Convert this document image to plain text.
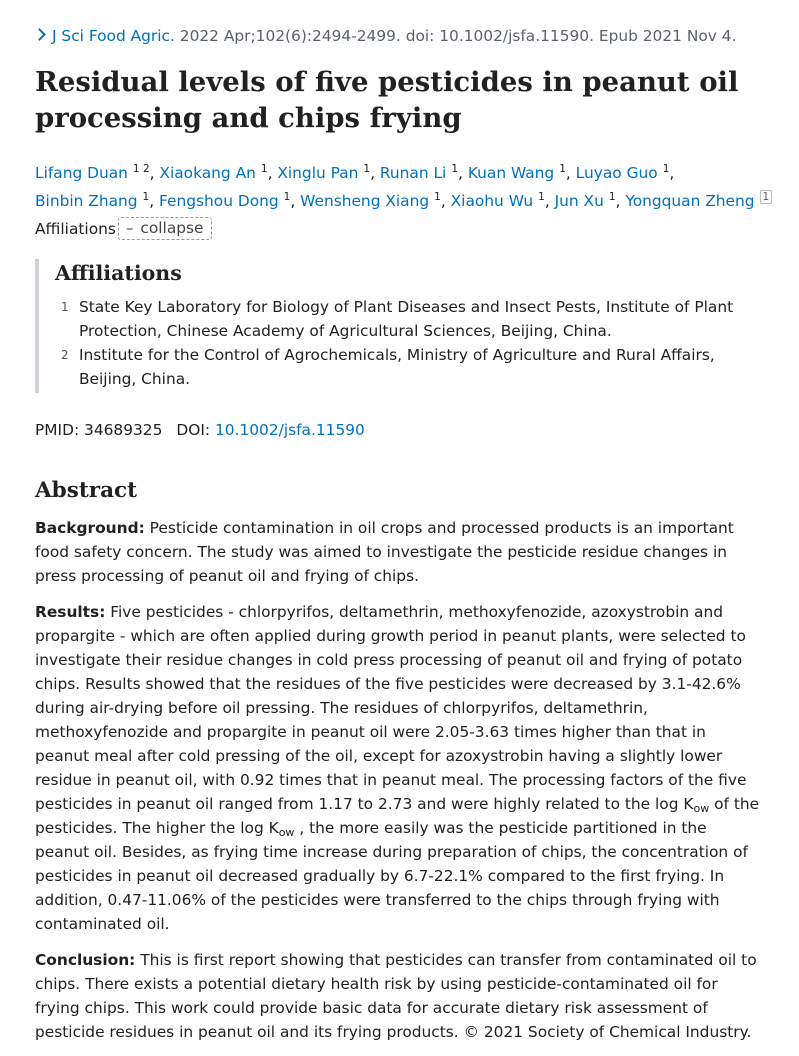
J Sci Food Agric. 2022 Apr;102(6):2494-2499. doi: 10.1002/jsfa.11590. Epub 2021 Nov 4.
Residual levels of five pesticides in peanut oil processing and chips frying
Lifang Duan $^{1 2}$, Xiaokang An $^1$, Xinglu Pan $^1$, Runan Li $^1$, Kuan Wang $^1$, Luyao Guo $^1$,
Binbin Zhang $^1$, Fengshou Dong $^1$, Wensheng Xiang $^1$, Xiaohu Wu $^1$, Jun Xu $^1$, Yongquan Zheng $^1$
Affiliations – collapse
Affiliations
1 State Key Laboratory for Biology of Plant Diseases and Insect Pests, Institute of Plant Protection, Chinese Academy of Agricultural Sciences, Beijing, China.
2 Institute for the Control of Agrochemicals, Ministry of Agriculture and Rural Affairs, Beijing, China.
PMID: 34689325 DOI: 10.1002/jsfa.11590
Abstract

Background: Pesticide contamination in oil crops and processed products is an important food safety concern. The study was aimed to investigate the pesticide residue changes in press processing of peanut oil and frying of chips.

Results: Five pesticides - chlorpyrifos, deltamethrin, methoxyfenozide, azoxystrobin and propargite - which are often applied during growth period in peanut plants, were selected to investigate their residue changes in cold press processing of peanut oil and frying of potato chips. Results showed that the residues of the five pesticides were decreased by 3.1-42.6% during air-drying before oil pressing. The residues of chlorpyrifos, deltamethrin, methoxyfenozide and propargite in peanut oil were 2.05-3.63 times higher than that in peanut meal after cold pressing of the oil, except for azoxystrobin having a slightly lower residue in peanut oil, with 0.92 times that in peanut meal. The processing factors of the five pesticides in peanut oil ranged from 1.17 to 2.73 and were highly related to the $\log K_{ow}$ of the pesticides. The higher the $\log K_{ow}$ , the more easily was the pesticide partitioned in the peanut oil. Besides, as frying time increase during preparation of chips, the concentration of pesticides in peanut oil decreased gradually by 6.7-22.1% compared to the first frying. In addition, 0.47-11.06% of the pesticides were transferred to the chips through frying with contaminated oil.

Conclusion: This is first report showing that pesticides can transfer from contaminated oil to chips. There exists a potential dietary health risk by using pesticide-contaminated oil for frying chips. This work could provide basic data for accurate dietary risk assessment of pesticide residues in peanut oil and its frying products. © 2021 Society of Chemical Industry.
